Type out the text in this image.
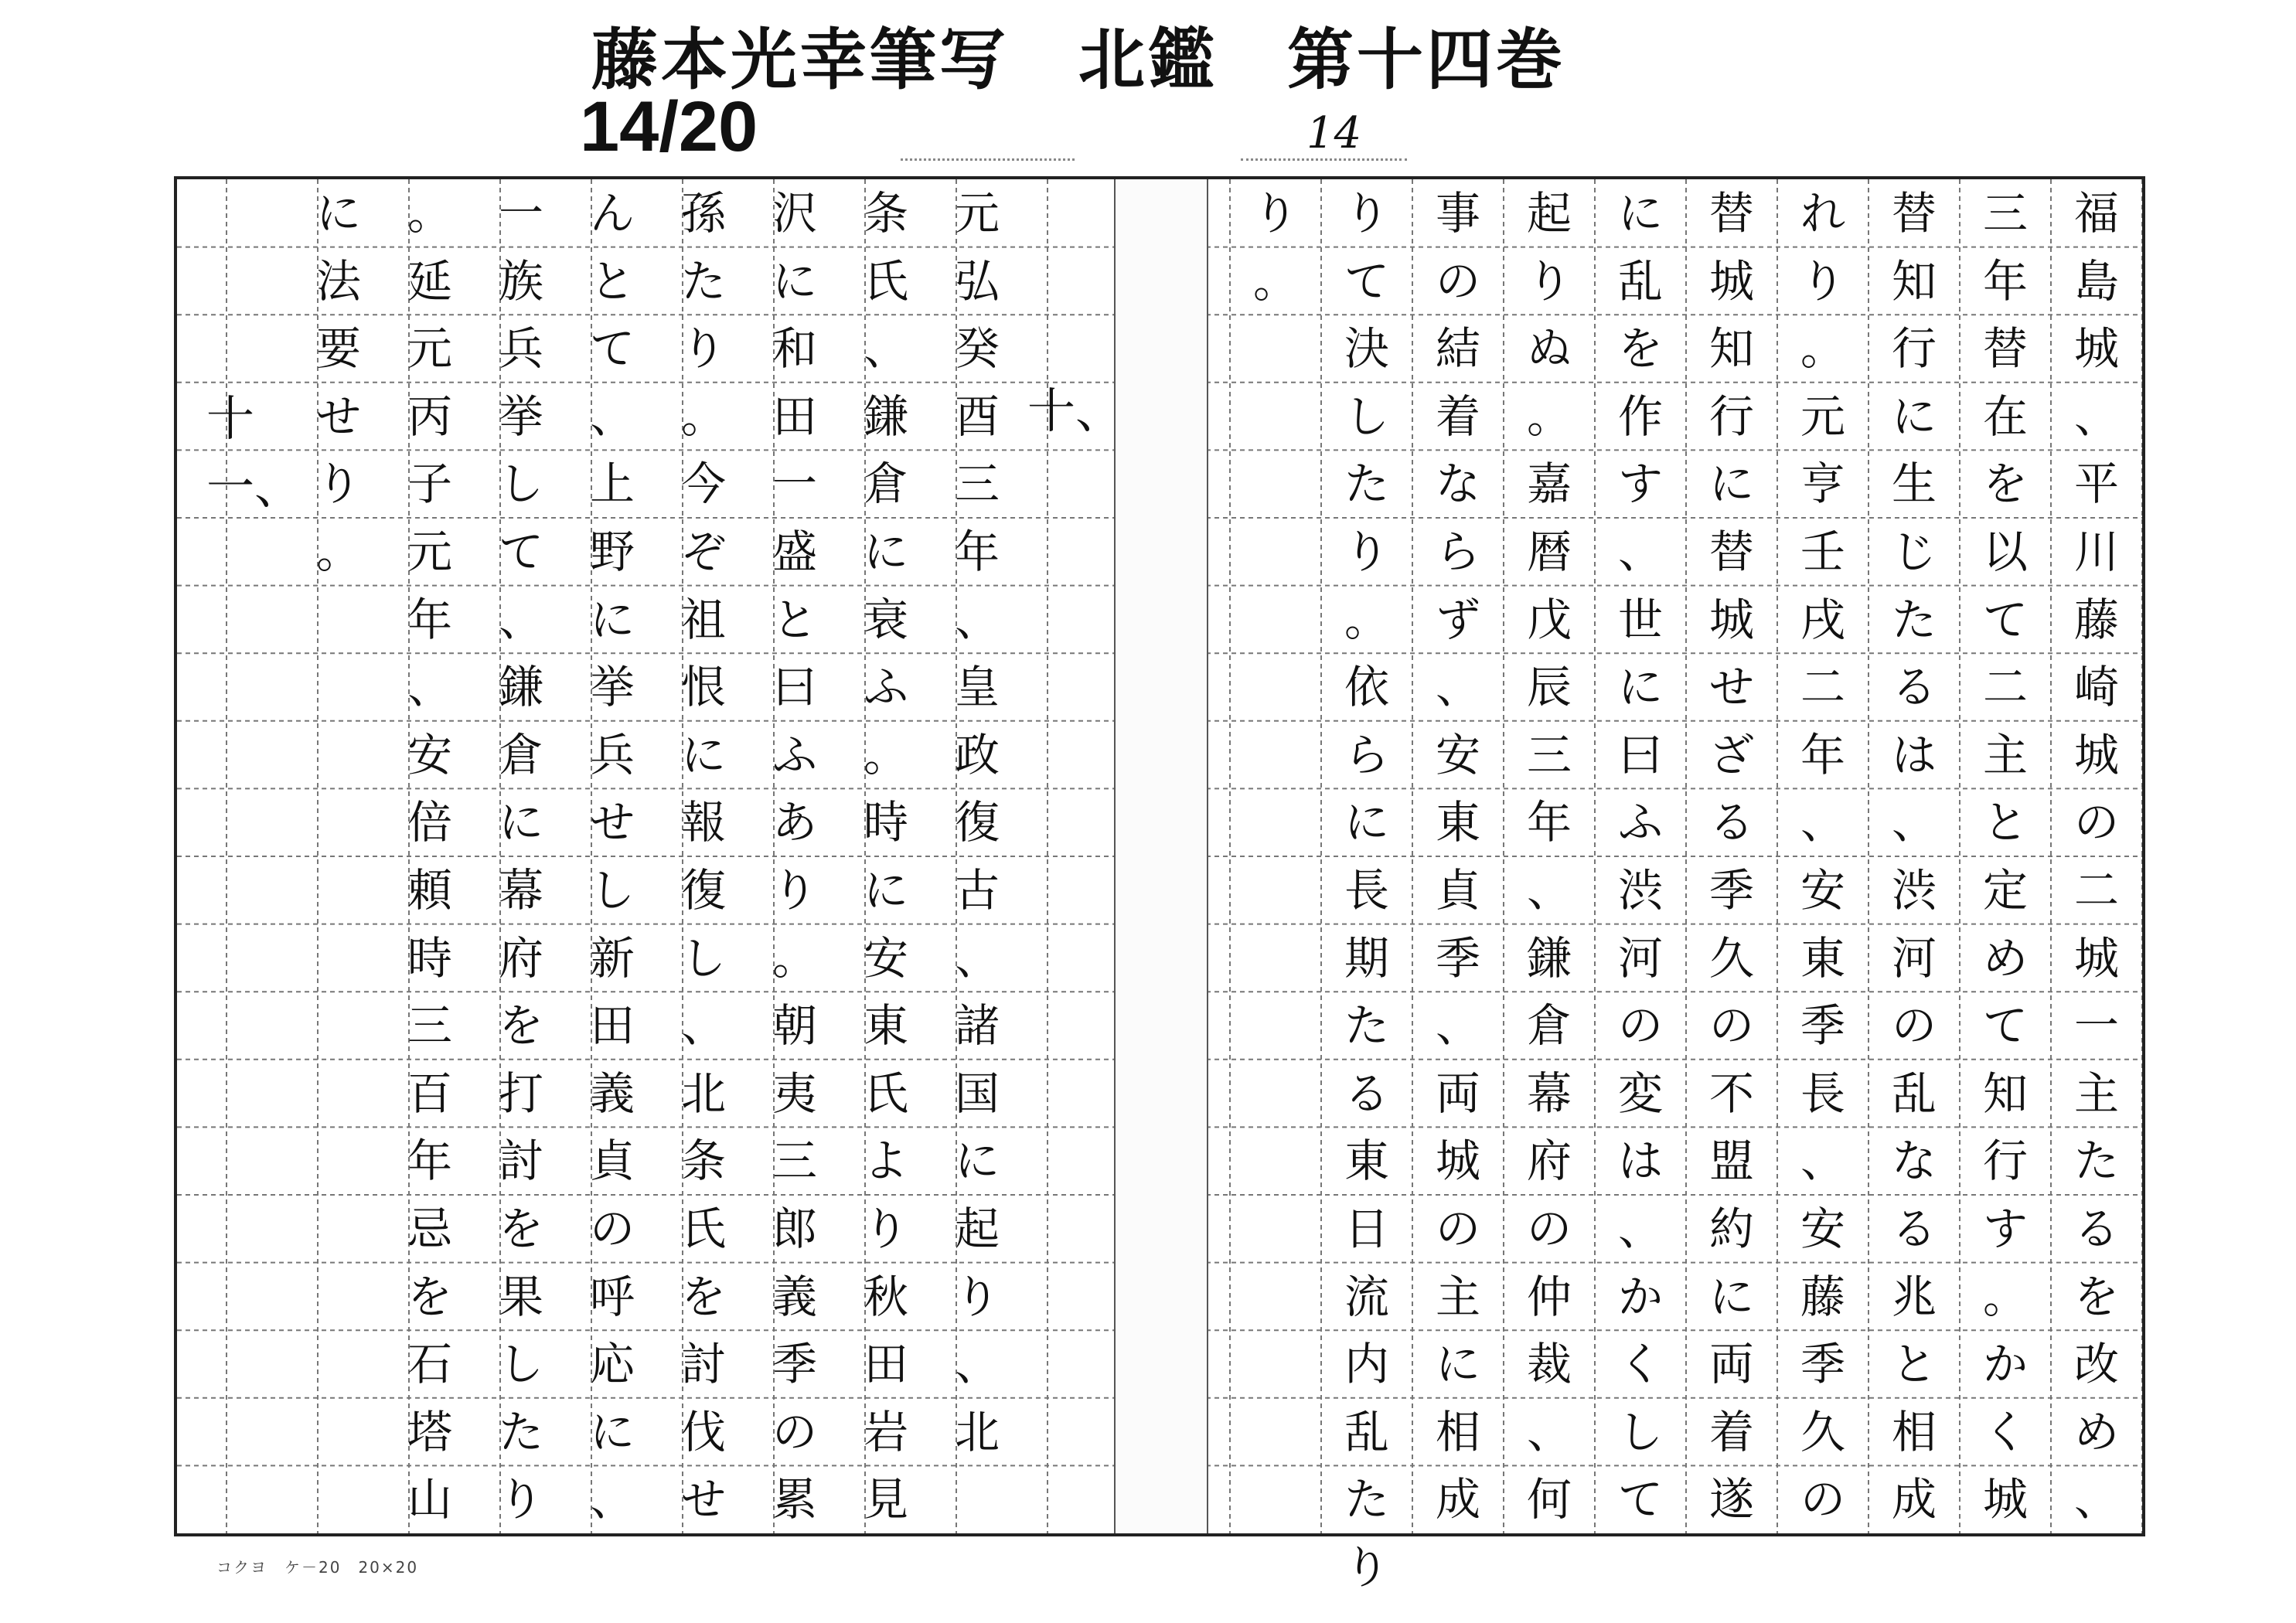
藤本光幸筆写　北鑑　第十四巻
14/20	14
福
島
城
、
平
川
藤
崎
城
の
二
城
一
主
た
る
を
改
め
、
三
年
替
在
を
以
て
二
主
と
定
め
て
知
行
す
。
か
く
城
替
知
行
に
生
じ
た
る
は
、
渋
河
の
乱
な
る
兆
と
相
成
れ
り
。
元
亨
壬
戌
二
年
、
安
東
季
長
、
安
藤
季
久
の
替
城
知
行
に
替
城
せ
ざ
る
季
久
の
不
盟
約
に
両
着
遂
に
乱
を
作
す
、
世
に
曰
ふ
渋
河
の
変
は
、
か
く
し
て
起
り
ぬ
。
嘉
暦
戊
辰
三
年
、
鎌
倉
幕
府
の
仲
裁
、
何
事
の
結
着
な
ら
ず
、
安
東
貞
季
、
両
城
の
主
に
相
成
り
て
決
し
た
り
。
依
ら
に
長
期
た
る
東
日
流
内
乱
た
り
り
。
十、
元
弘
癸
酉
三
年
、
皇
政
復
古
、
諸
国
に
起
り
、
北
条
氏
、
鎌
倉
に
衰
ふ
。
時
に
安
東
氏
よ
り
秋
田
岩
見
沢
に
和
田
一
盛
と
曰
ふ
あ
り
。
朝
夷
三
郎
義
季
の
累
孫
た
り
。
今
ぞ
祖
恨
に
報
復
し
、
北
条
氏
を
討
伐
せ
ん
と
て
、
上
野
に
挙
兵
せ
し
新
田
義
貞
の
呼
応
に
、
一
族
兵
挙
し
て
、
鎌
倉
に
幕
府
を
打
討
を
果
し
た
り
。
延
元
丙
子
元
年
、
安
倍
頼
時
三
百
年
忌
を
石
塔
山
に
法
要
せ
り
。
十一、
コクヨ　ケ－20　20×20
